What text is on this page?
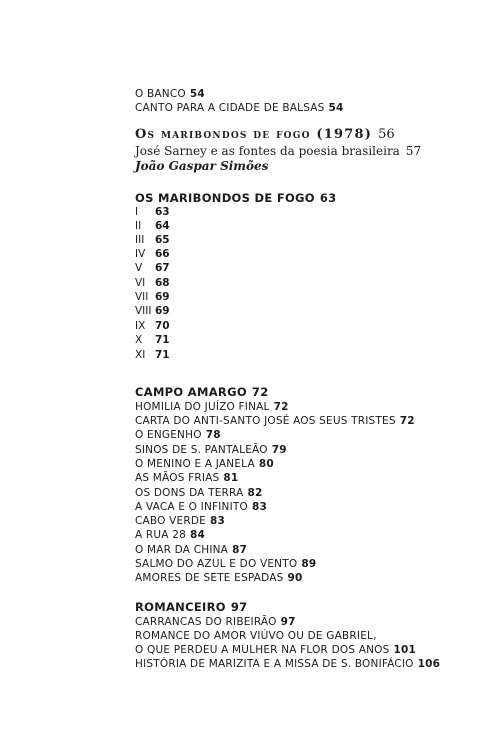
O BANCO 54
CANTO PARA A CIDADE DE BALSAS 54
Os maribondos de fogo (1978) 56
José Sarney e as fontes da poesia brasileira 57
João Gaspar Simões
OS MARIBONDOS DE FOGO 63
I 63
II 64
III 65
IV 66
V 67
VI 68
VII 69
VIII 69
IX 70
X 71
XI 71
CAMPO AMARGO 72
HOMILIA DO JUÍZO FINAL 72
CARTA DO ANTI-SANTO JOSÉ AOS SEUS TRISTES 72
O ENGENHO 78
SINOS DE S. PANTALEÃO 79
O MENINO E A JANELA 80
AS MÃOS FRIAS 81
OS DONS DA TERRA 82
A VACA E O INFINITO 83
CABO VERDE 83
A RUA 28 84
O MAR DA CHINA 87
SALMO DO AZUL E DO VENTO 89
AMORES DE SETE ESPADAS 90
ROMANCEIRO 97
CARRANCAS DO RIBEIRÃO 97
ROMANCE DO AMOR VIÚVO OU DE GABRIEL,
O QUE PERDEU A MULHER NA FLOR DOS ANOS 101
HISTÓRIA DE MARIZITA E A MISSA DE S. BONIFÁCIO 106
